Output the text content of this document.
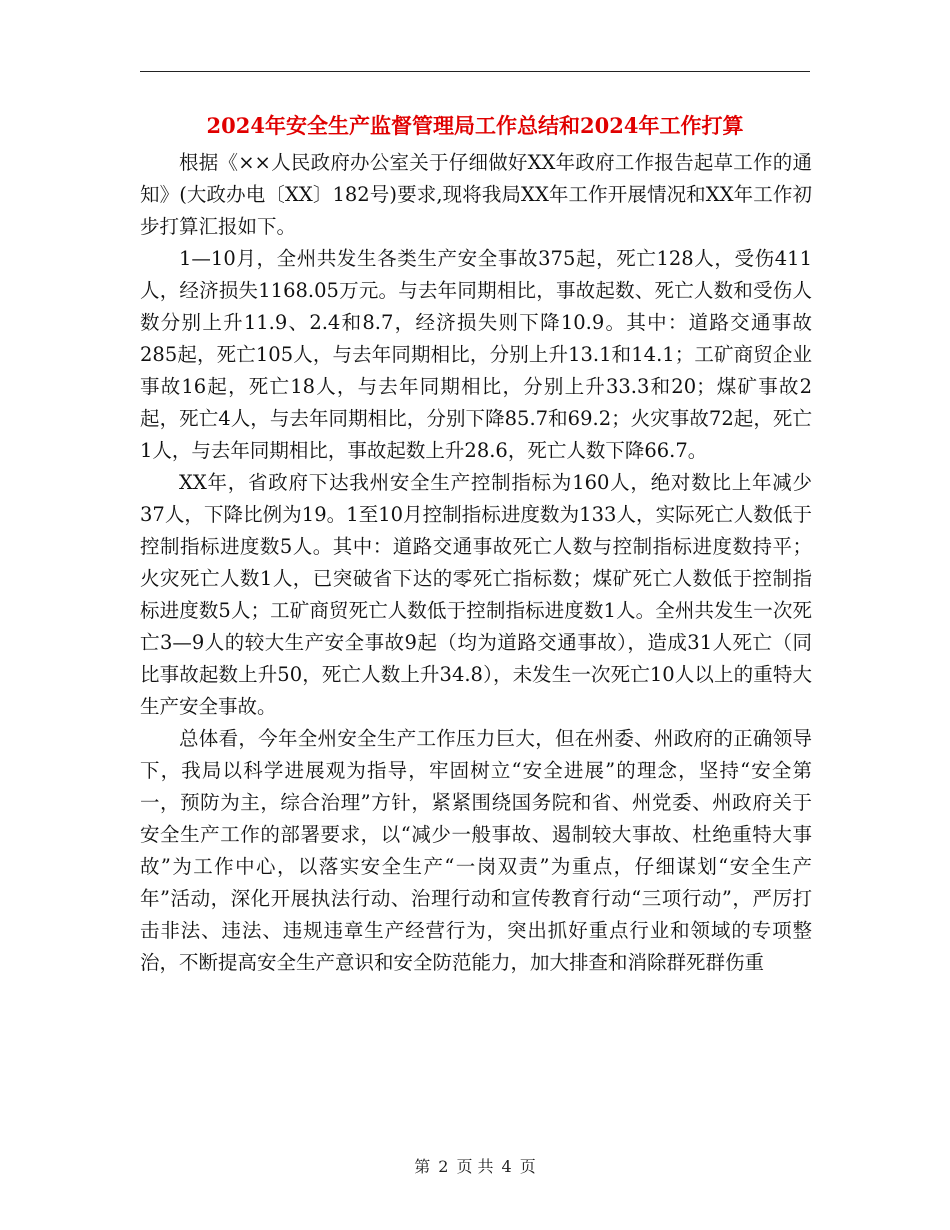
2024年安全生产监督管理局工作总结和2024年工作打算

根据《××人民政府办公室关于仔细做好XX年政府工作报告起草工作的通知》(大政办电〔XX〕182号)要求,现将我局XX年工作开展情况和XX年工作初步打算汇报如下。

1—10月，全州共发生各类生产安全事故375起，死亡128人，受伤411人，经济损失1168.05万元。与去年同期相比，事故起数、死亡人数和受伤人数分别上升11.9、2.4和8.7，经济损失则下降10.9。其中：道路交通事故285起，死亡105人，与去年同期相比，分别上升13.1和14.1；工矿商贸企业事故16起，死亡18人，与去年同期相比，分别上升33.3和20；煤矿事故2起，死亡4人，与去年同期相比，分别下降85.7和69.2；火灾事故72起，死亡1人，与去年同期相比，事故起数上升28.6，死亡人数下降66.7。

XX年，省政府下达我州安全生产控制指标为160人，绝对数比上年减少37人，下降比例为19。1至10月控制指标进度数为133人，实际死亡人数低于控制指标进度数5人。其中：道路交通事故死亡人数与控制指标进度数持平；火灾死亡人数1人，已突破省下达的零死亡指标数；煤矿死亡人数低于控制指标进度数5人；工矿商贸死亡人数低于控制指标进度数1人。全州共发生一次死亡3—9人的较大生产安全事故9起（均为道路交通事故），造成31人死亡（同比事故起数上升50，死亡人数上升34.8），未发生一次死亡10人以上的重特大生产安全事故。

总体看，今年全州安全生产工作压力巨大，但在州委、州政府的正确领导下，我局以科学进展观为指导，牢固树立“安全进展”的理念，坚持“安全第一，预防为主，综合治理”方针，紧紧围绕国务院和省、州党委、州政府关于安全生产工作的部署要求，以“减少一般事故、遏制较大事故、杜绝重特大事故”为工作中心，以落实安全生产“一岗双责”为重点，仔细谋划“安全生产年”活动，深化开展执法行动、治理行动和宣传教育行动“三项行动”，严厉打击非法、违法、违规违章生产经营行为，突出抓好重点行业和领域的专项整治，不断提高安全生产意识和安全防范能力，加大排查和消除群死群伤重

第 2 页 共 4 页
